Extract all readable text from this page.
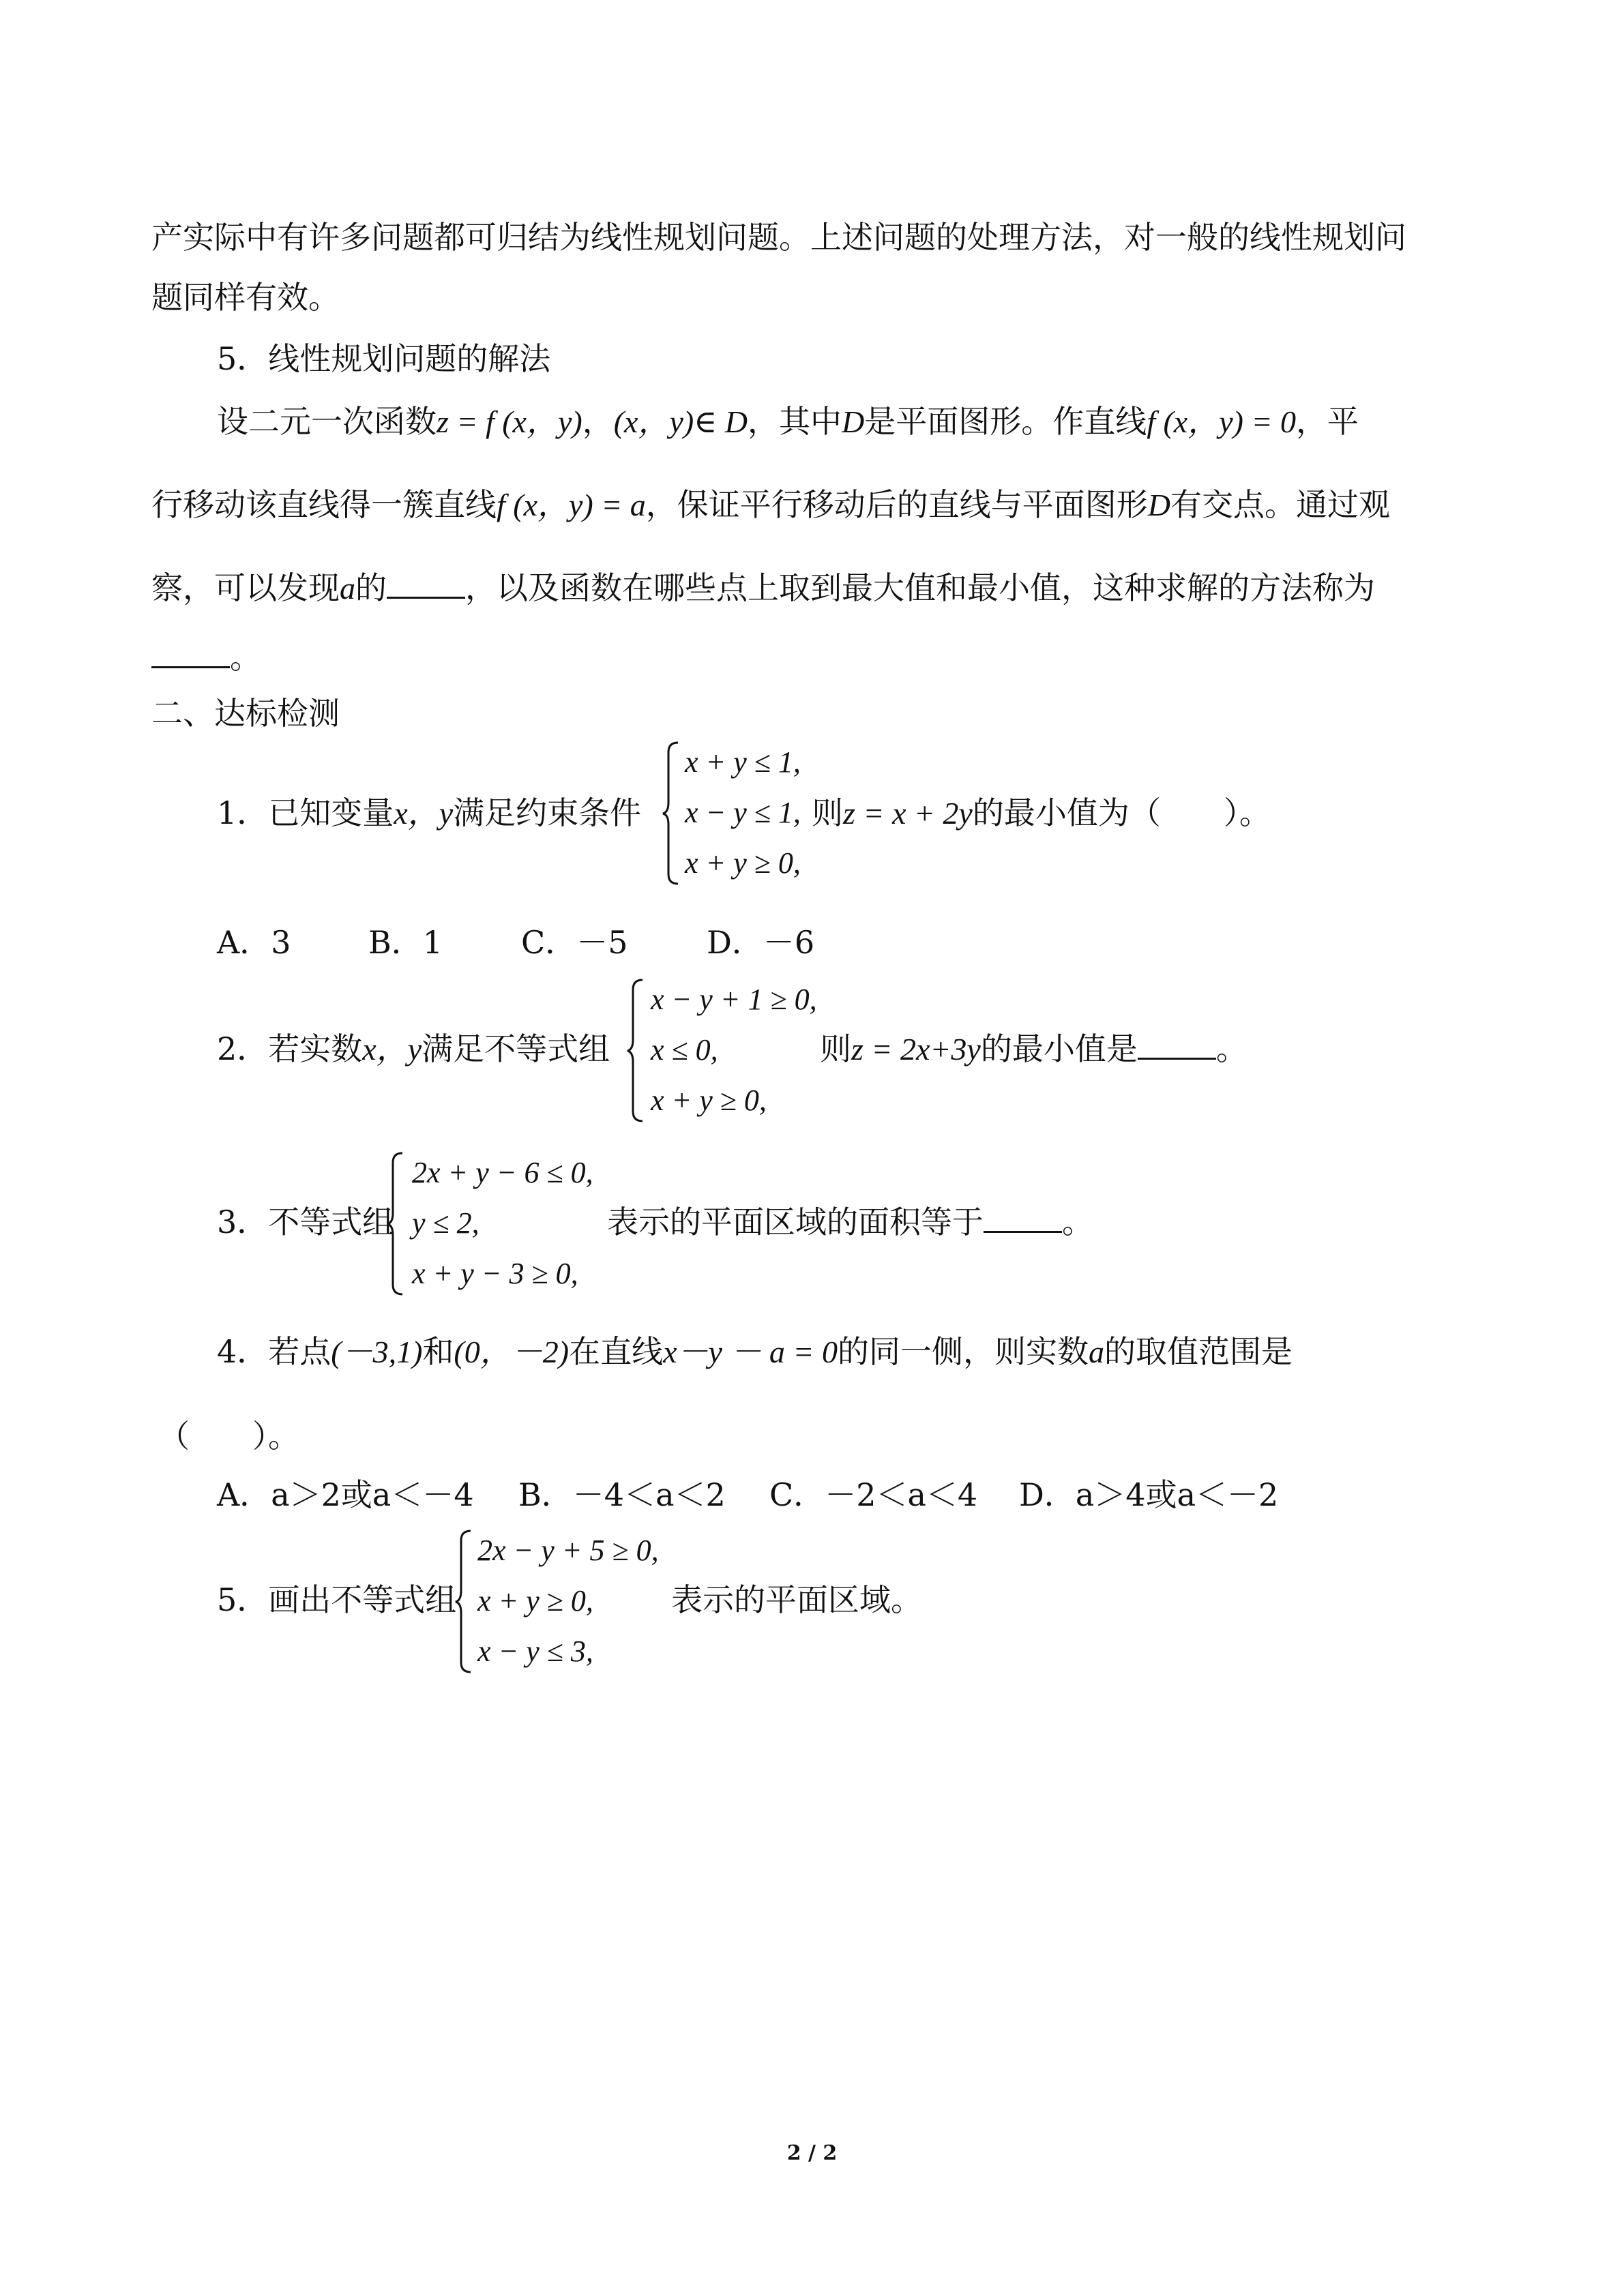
产实际中有许多问题都可归结为线性规划问题。上述问题的处理方法，对一般的线性规划问
题同样有效。
5．线性规划问题的解法
设二元一次函数z = f (x，y)，(x，y)∈ D，其中D是平面图形。作直线f (x，y) = 0，平
行移动该直线得一簇直线f (x，y) = a，保证平行移动后的直线与平面图形D有交点。通过观
察，可以发现a的	，以及函数在哪些点上取到最大值和最小值，这种求解的方法称为
。
二、达标检测
1．已知变量x，y满足约束条件
x + y ≤ 1,
x − y ≤ 1,
x + y ≥ 0,
则z = x + 2y的最小值为（　　）。
A．3 B．1 C．－5	D．－6
2．若实数x，y满足不等式组
x − y + 1 ≥ 0,
x ≤ 0,
x + y ≥ 0,
则z = 2x+3y的最小值是	。
3．不等式组
2x + y − 6 ≤ 0,
y ≤ 2,
x + y − 3 ≥ 0,
表示的平面区域的面积等于	。
4．若点(－3,1)和(0，－2)在直线x－y － a = 0的同一侧，则实数a的取值范围是
（　　）。
A．a＞2或a＜－4 B．－4＜a＜2 C．－2＜a＜4 D．a＞4或a＜－2
5．画出不等式组
2x − y + 5 ≥ 0,
x + y ≥ 0,
x − y ≤ 3,
表示的平面区域。
2 / 2
